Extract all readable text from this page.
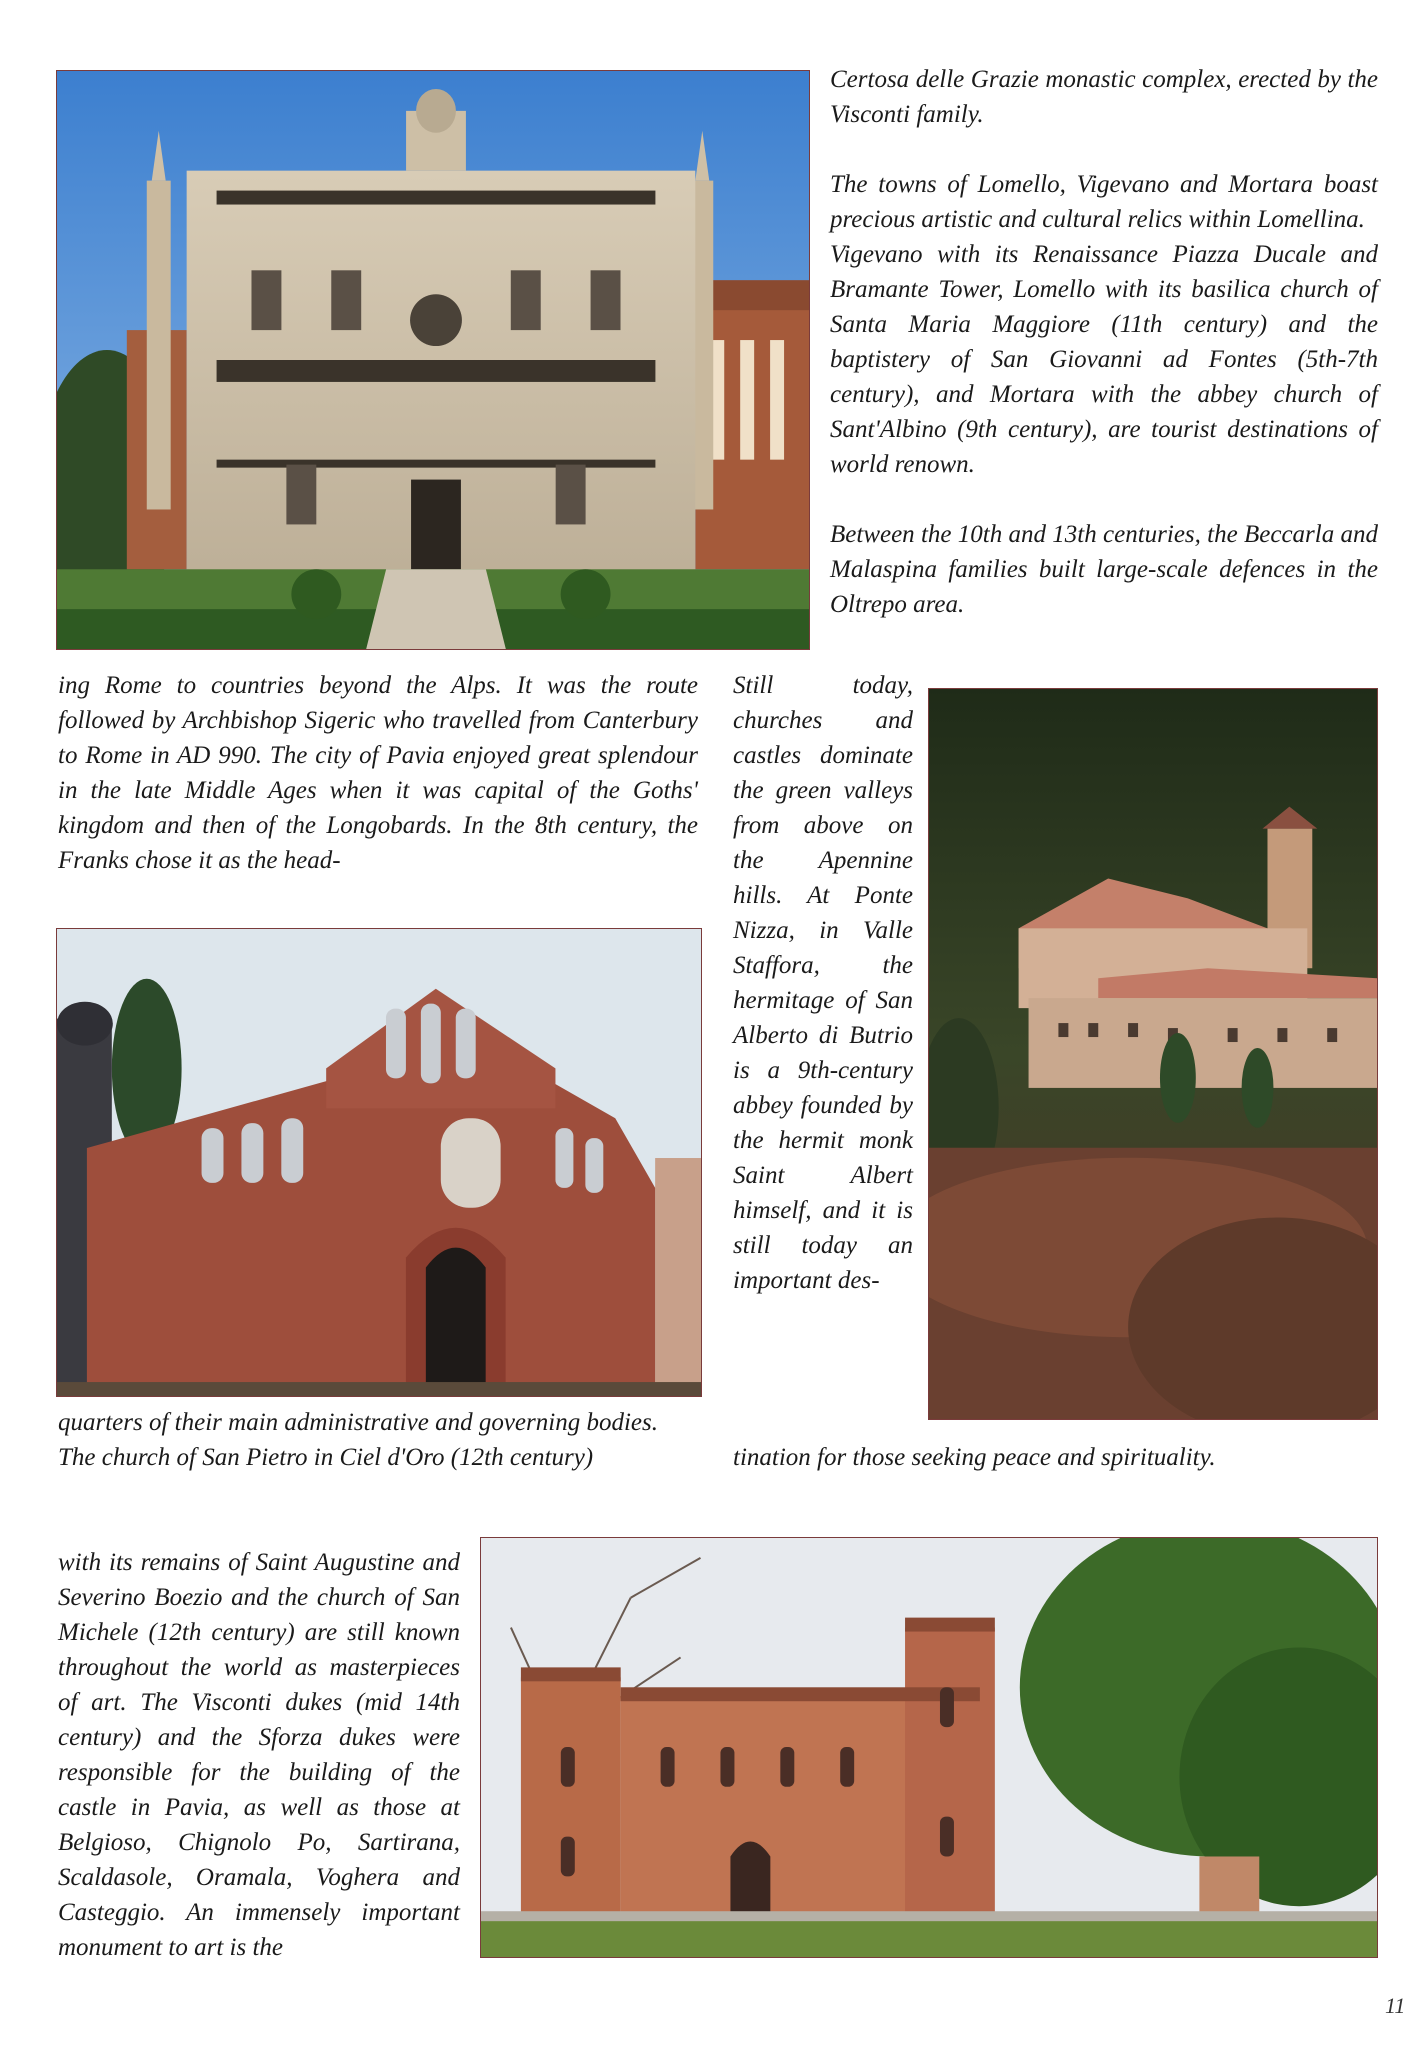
Certosa delle Grazie monastic complex, erected by the Visconti family.

The towns of Lomello, Vigevano and Mortara boast precious artistic and cultural relics within Lomellina.

Vigevano with its Renaissance Piazza Ducale and Bramante Tower, Lomello with its basilica church of Santa Maria Maggiore (11th century) and the baptistery of San Giovanni ad Fontes (5th-7th century), and Mortara with the abbey church of Sant'Albino (9th century), are tourist destinations of world renown.

Between the 10th and 13th centuries, the Beccarla and Malaspina families built large-scale defences in the Oltrepo area.

ing Rome to countries beyond the Alps. It was the route followed by Archbishop Sigeric who travelled from Canterbury to Rome in AD 990. The city of Pavia enjoyed great splendour in the late Middle Ages when it was capital of the Goths' kingdom and then of the Longobards. In the 8th century, the Franks chose it as the head-

Still today, churches and castles dominate the green valleys from above on the Apennine hills. At Ponte Nizza, in Valle Staffora, the hermitage of San Alberto di Butrio is a 9th-century abbey founded by the hermit monk Saint Albert himself, and it is still today an important des-

tination for those seeking peace and spirituality.

quarters of their main administrative and governing bodies.

The church of San Pietro in Ciel d'Oro (12th century)

with its remains of Saint Augustine and Severino Boezio and the church of San Michele (12th century) are still known throughout the world as masterpieces of art. The Visconti dukes (mid 14th century) and the Sforza dukes were responsible for the building of the castle in Pavia, as well as those at Belgioso, Chignolo Po, Sartirana, Scaldasole, Oramala, Voghera and Casteggio. An immensely important monument to art is the

11
